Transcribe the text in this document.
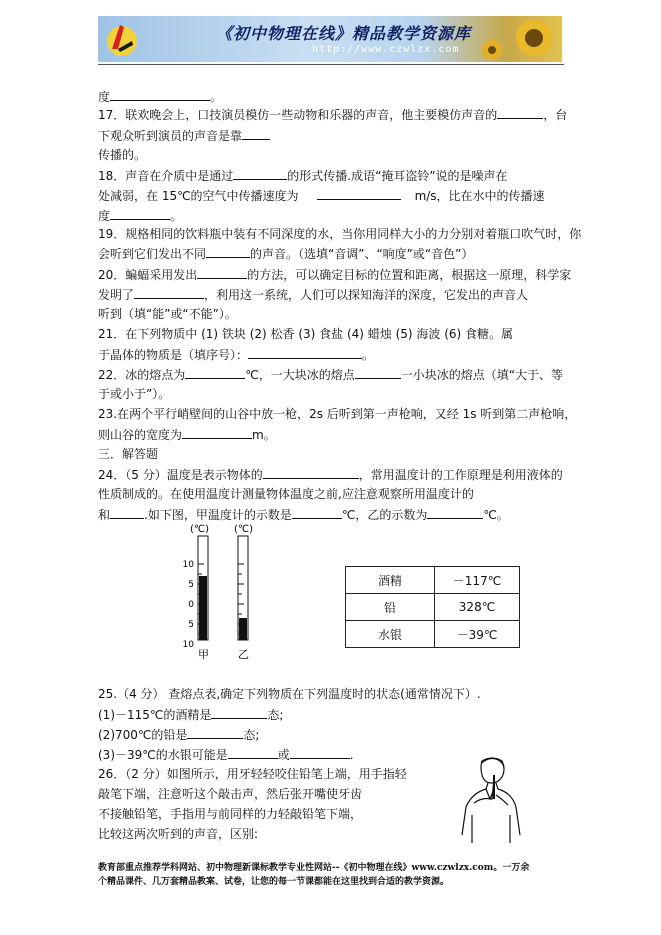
《初中物理在线》精品教学资源库
http://www.czwlzx.com
度	。
17．联欢晚会上，口技演员模仿一些动物和乐器的声音，他主要模仿声音的	，台
下观众听到演员的声音是靠
传播的。
18．声音在介质中是通过	的形式传播.成语“掩耳盗铃”说的是噪声在
处减弱，在 15℃的空气中传播速度为	m/s，比在水中的传播速
度	。
19．规格相同的饮料瓶中装有不同深度的水，当你用同样大小的力分别对着瓶口吹气时，你
会听到它们发出不同	的声音。（选填“音调”、“响度”或“音色”）
20．蝙蝠采用发出	的方法，可以确定目标的位置和距离，根据这一原理，科学家
发明了	，利用这一系统，人们可以探知海洋的深度，它发出的声音人
听到（填“能”或“不能”）。
21．在下列物质中 (1) 铁块 (2) 松香 (3) 食盐 (4) 蜡烛 (5) 海波 (6) 食糖。属
于晶体的物质是（填序号）：	。
22．冰的熔点为	℃，一大块冰的熔点	一小块冰的熔点（填“大于、等
于或小于”）。
23.在两个平行峭壁间的山谷中放一枪，2s 后听到第一声枪响，又经 1s 听到第二声枪响，
则山谷的宽度为	m。
三．解答题
24．（5 分）温度是表示物体的	，常用温度计的工作原理是利用液体的
性质制成的。在使用温度计测量物体温度之前,应注意观察所用温度计的
和	.如下图，甲温度计的示数是	℃，乙的示数为	℃。
(℃) (℃)
10
5
0
5
10
甲	乙
酒精	－117℃
铅	328℃
水银	－39℃
25.（4 分） 查熔点表,确定下列物质在下列温度时的状态(通常情况下）.
(1)－115℃的酒精是	态;
(2)700℃的铅是	态;
(3)－39℃的水银可能是	或	.
26．（2 分）如图所示，用牙轻轻咬住铅笔上端，用手指轻
敲笔下端，注意听这个敲击声，然后张开嘴使牙齿
不接触铅笔，手指用与前同样的力轻敲铅笔下端，
比较这两次听到的声音，区别:
教育部重点推荐学科网站、初中物理新课标教学专业性网站--《初中物理在线》www.czwlzx.com。一万余
个精品课件、几万套精品教案、试卷，让您的每一节课都能在这里找到合适的教学资源。
